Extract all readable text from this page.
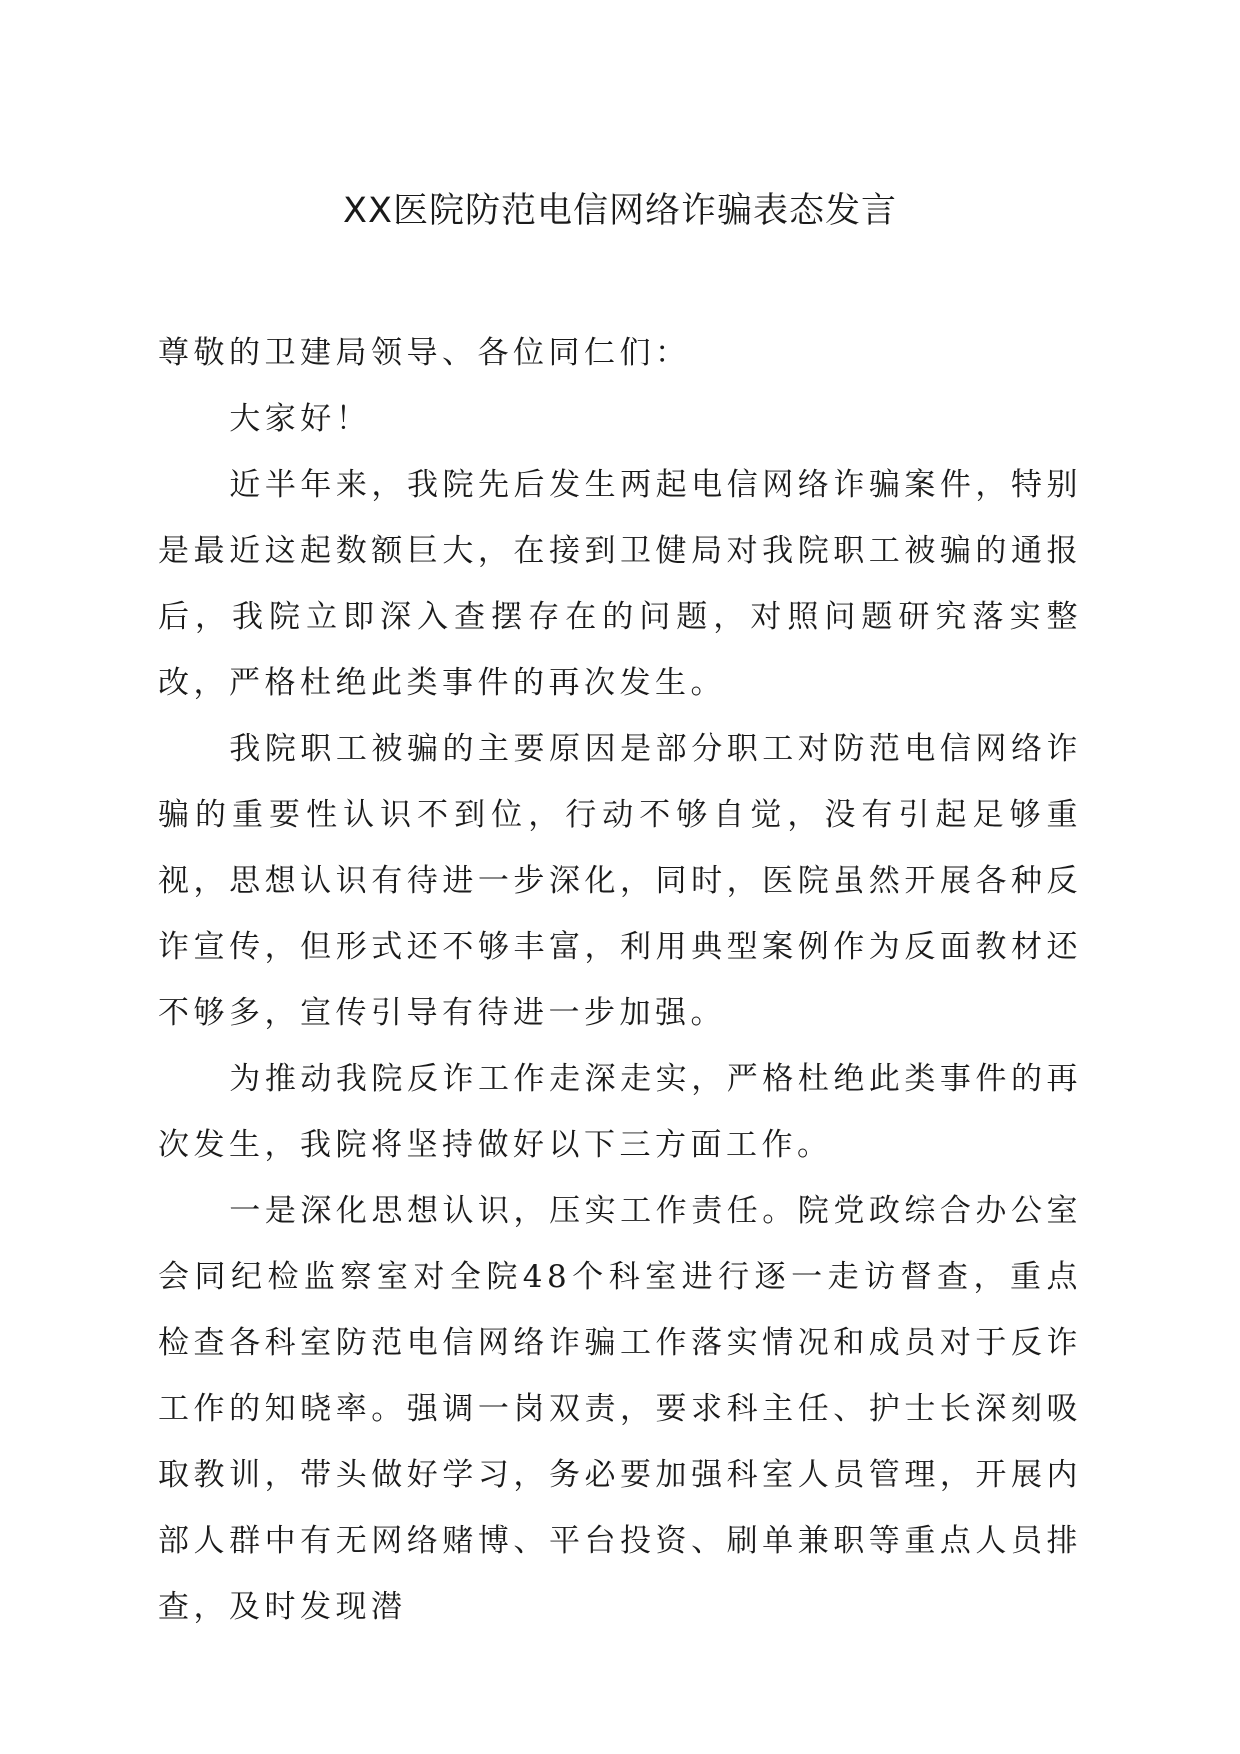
XX医院防范电信网络诈骗表态发言

尊敬的卫建局领导、各位同仁们：

大家好！

近半年来，我院先后发生两起电信网络诈骗案件，特别是最近这起数额巨大，在接到卫健局对我院职工被骗的通报后，我院立即深入查摆存在的问题，对照问题研究落实整改，严格杜绝此类事件的再次发生。

我院职工被骗的主要原因是部分职工对防范电信网络诈骗的重要性认识不到位，行动不够自觉，没有引起足够重视，思想认识有待进一步深化，同时，医院虽然开展各种反诈宣传，但形式还不够丰富，利用典型案例作为反面教材还不够多，宣传引导有待进一步加强。

为推动我院反诈工作走深走实，严格杜绝此类事件的再次发生，我院将坚持做好以下三方面工作。

一是深化思想认识，压实工作责任。院党政综合办公室会同纪检监察室对全院48个科室进行逐一走访督查，重点检查各科室防范电信网络诈骗工作落实情况和成员对于反诈工作的知晓率。强调一岗双责，要求科主任、护士长深刻吸取教训，带头做好学习，务必要加强科室人员管理，开展内部人群中有无网络赌博、平台投资、刷单兼职等重点人员排查，及时发现潜
